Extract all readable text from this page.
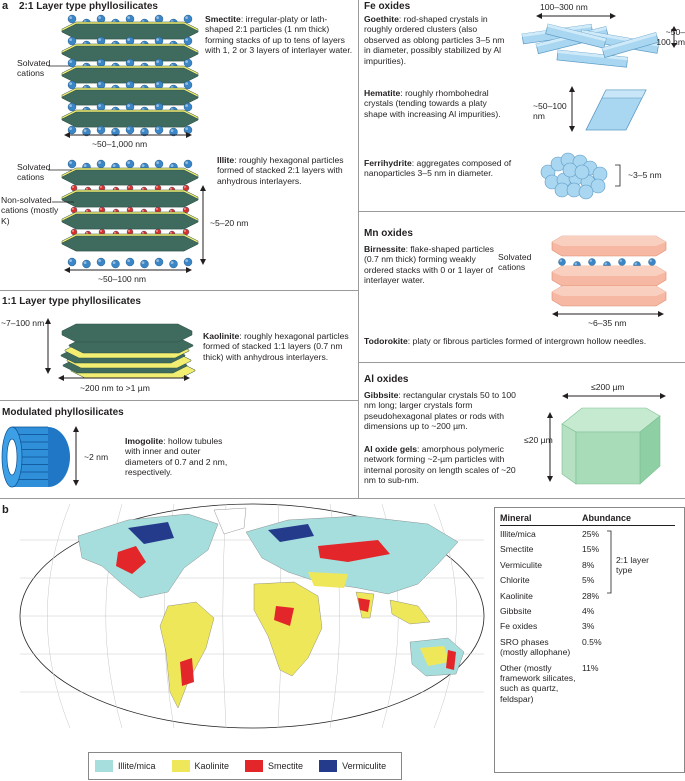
a 2:1 Layer type phyllosilicates
Solvated cations
~50–1,000 nm
Smectite: irregular-platy or lath-shaped 2:1 particles (1 nm thick) forming stacks of up to tens of layers with 1, 2 or 3 layers of interlayer water.
Solvated cations
Non-solvated cations (mostly K)	~5–20 nm
~50–100 nm
Illite: roughly hexagonal particles formed of stacked 2:1 layers with anhydrous interlayers.
1:1 Layer type phyllosilicates
~7–100 nm
~200 nm to >1 µm
Kaolinite: roughly hexagonal particles formed of stacked 1:1 layers (0.7 nm thick) with anhydrous interlayers.
Modulated phyllosilicates
~2 nm
Imogolite: hollow tubules with inner and outer diameters of 0.7 and 2 nm, respectively.
Fe oxides
Goethite: rod-shaped crystals in roughly ordered clusters (also observed as oblong particles 3–5 nm in diameter, possibly stabilized by Al impurities).
100–300 nm
~50–100 nm
Hematite: roughly rhombohedral crystals (tending towards a platy shape with increasing Al impurities).
~50–100 nm
Ferrihydrite: aggregates composed of nanoparticles 3–5 nm in diameter.	~3–5 nm
Mn oxides
Birnessite: flake-shaped particles (0.7 nm thick) forming weakly ordered stacks with 0 or 1 layer of interlayer water.
Solvated cations
~6–35 nm
Todorokite: platy or fibrous particles formed of intergrown hollow needles.
Al oxides
Gibbsite: rectangular crystals 50 to 100 nm long; larger crystals form pseudohexagonal plates or rods with dimensions up to ~200 µm.
Al oxide gels: amorphous polymeric network forming ~2-µm particles with internal porosity on length scales of ~20 nm to sub-nm.
≤200 µm
≤20 µm
b
Illite/mica	Kaolinite	Smectite	Vermiculite
Mineral	Abundance
Illite/mica	25%
Smectite	15%
Vermiculite	8%
Chlorite	5%
Kaolinite	28%
Gibbsite	4%
Fe oxides	3%
SRO phases (mostly allophane)
0.5%
Other (mostly framework silicates, such as quartz, feldspar)
11%
2:1 layer type
